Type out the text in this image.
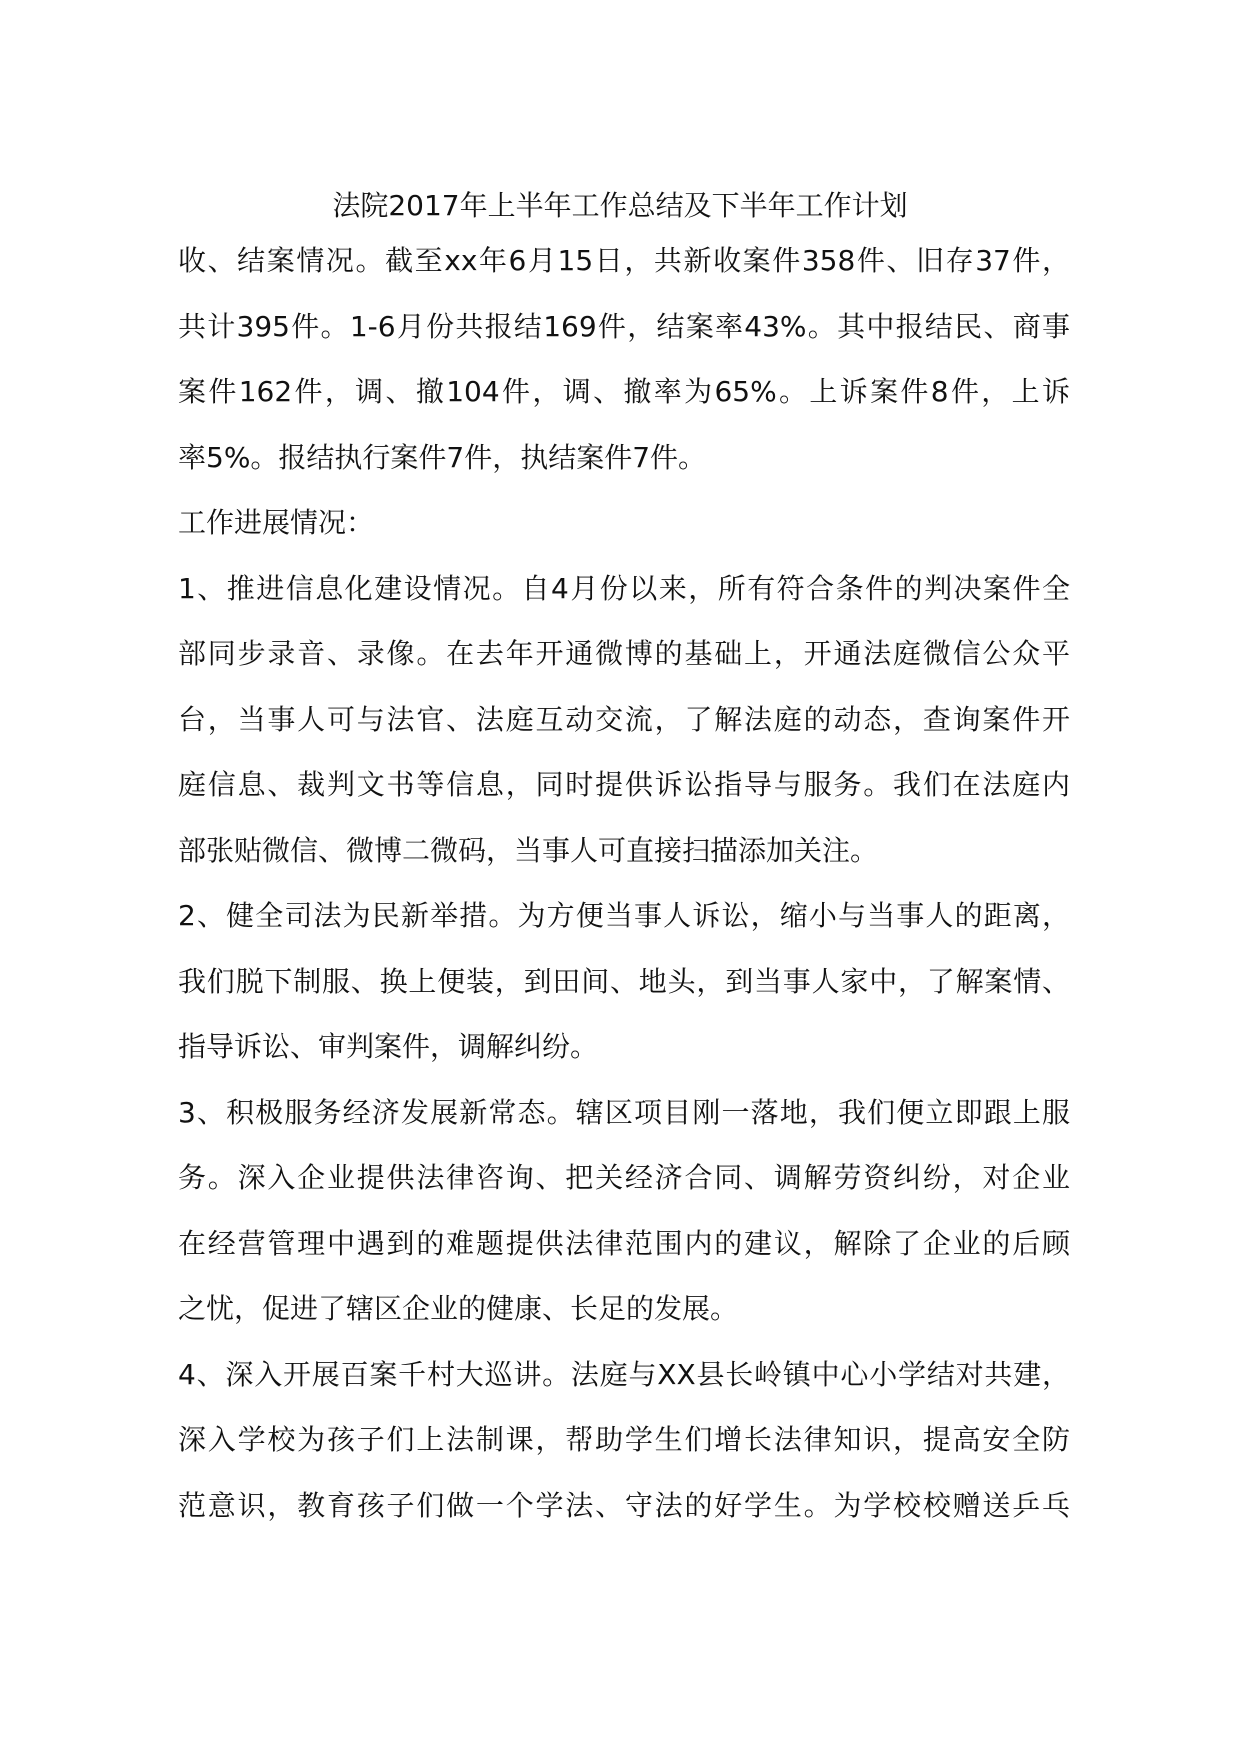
法院2017年上半年工作总结及下半年工作计划
收、结案情况。截至xx年6月15日，共新收案件358件、旧存37件，
共计395件。1-6月份共报结169件，结案率43%。其中报结民、商事
案件162件，调、撤104件，调、撤率为65%。上诉案件8件，上诉
率5%。报结执行案件7件，执结案件7件。
工作进展情况：
1、推进信息化建设情况。自4月份以来，所有符合条件的判决案件全
部同步录音、录像。在去年开通微博的基础上，开通法庭微信公众平
台，当事人可与法官、法庭互动交流，了解法庭的动态，查询案件开
庭信息、裁判文书等信息，同时提供诉讼指导与服务。我们在法庭内
部张贴微信、微博二微码，当事人可直接扫描添加关注。
2、健全司法为民新举措。为方便当事人诉讼，缩小与当事人的距离，
我们脱下制服、换上便装，到田间、地头，到当事人家中，了解案情、
指导诉讼、审判案件，调解纠纷。
3、积极服务经济发展新常态。辖区项目刚一落地，我们便立即跟上服
务。深入企业提供法律咨询、把关经济合同、调解劳资纠纷，对企业
在经营管理中遇到的难题提供法律范围内的建议，解除了企业的后顾
之忧，促进了辖区企业的健康、长足的发展。
4、深入开展百案千村大巡讲。法庭与XX县长岭镇中心小学结对共建，
深入学校为孩子们上法制课，帮助学生们增长法律知识，提高安全防
范意识，教育孩子们做一个学法、守法的好学生。为学校校赠送乒乓
